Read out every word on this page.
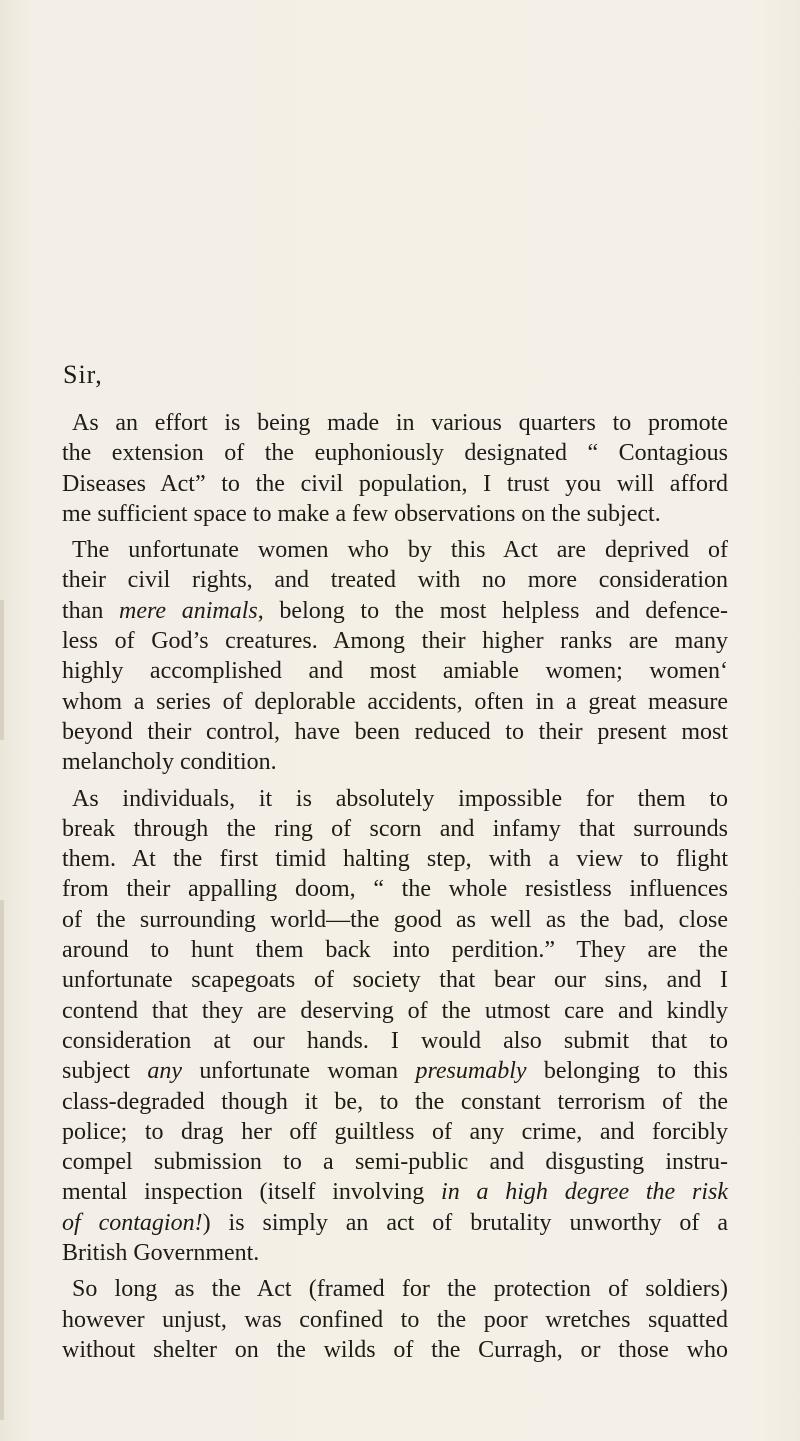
Sir,

As an effort is being made in various quarters to promote
the extension of the euphoniously designated “ Contagious
Diseases Act” to the civil population, I trust you will afford
me sufficient space to make a few observations on the subject.
The unfortunate women who by this Act are deprived of
their civil rights, and treated with no more consideration
than mere animals, belong to the most helpless and defence-
less of God’s creatures. Among their higher ranks are many
highly accomplished and most amiable women; women‘
whom a series of deplorable accidents, often in a great measure
beyond their control, have been reduced to their present most
melancholy condition.
As individuals, it is absolutely impossible for them to
break through the ring of scorn and infamy that surrounds
them. At the first timid halting step, with a view to flight
from their appalling doom, “ the whole resistless influences
of the surrounding world—the good as well as the bad, close
around to hunt them back into perdition.” They are the
unfortunate scapegoats of society that bear our sins, and I
contend that they are deserving of the utmost care and kindly
consideration at our hands. I would also submit that to
subject any unfortunate woman presumably belonging to this
class-degraded though it be, to the constant terrorism of the
police; to drag her off guiltless of any crime, and forcibly
compel submission to a semi-public and disgusting instru-
mental inspection (itself involving in a high degree the risk
of contagion!) is simply an act of brutality unworthy of a
British Government.
So long as the Act (framed for the protection of soldiers)
however unjust, was confined to the poor wretches squatted
without shelter on the wilds of the Curragh, or those who
